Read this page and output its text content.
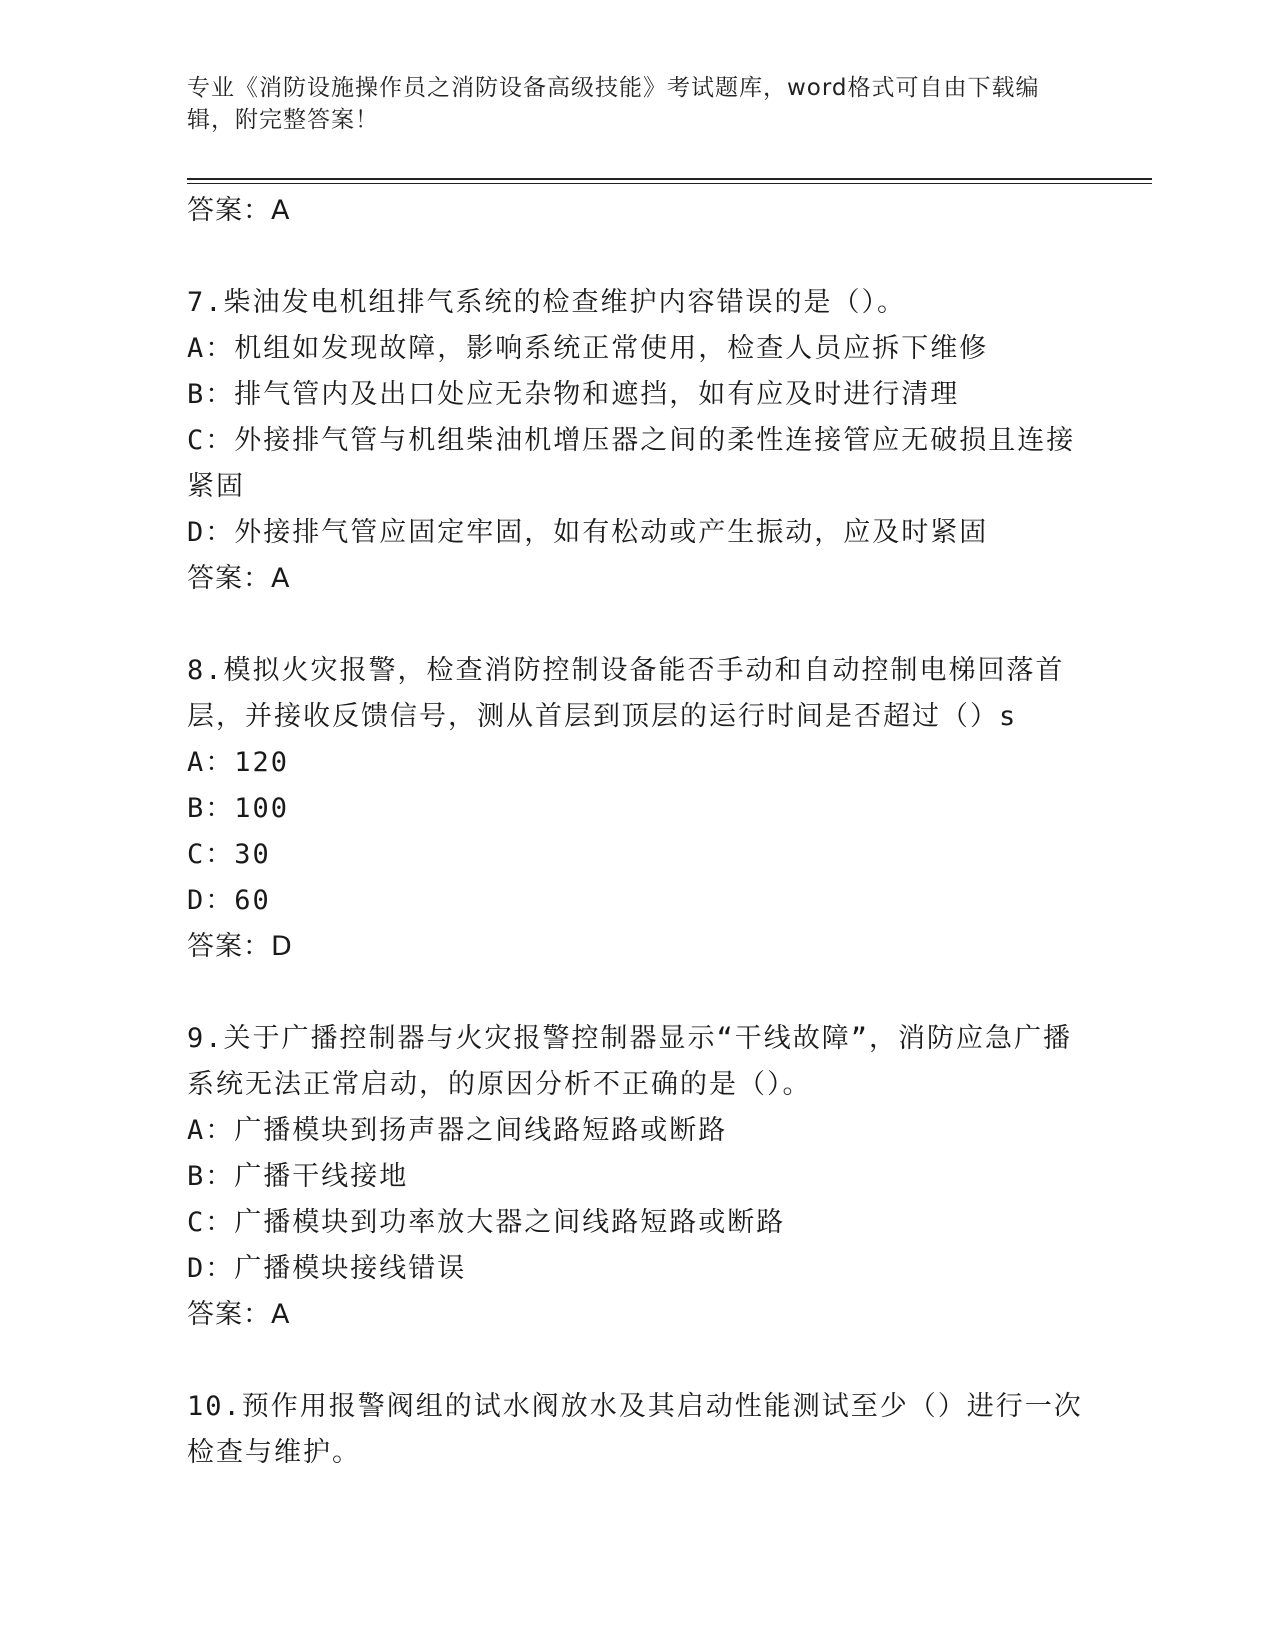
专业《消防设施操作员之消防设备高级技能》考试题库，word格式可自由下载编辑，附完整答案！
答案：A
7.柴油发电机组排气系统的检查维护内容错误的是（）。
A：机组如发现故障，影响系统正常使用，检查人员应拆下维修
B：排气管内及出口处应无杂物和遮挡，如有应及时进行清理
C：外接排气管与机组柴油机增压器之间的柔性连接管应无破损且连接紧固
D：外接排气管应固定牢固，如有松动或产生振动，应及时紧固
答案：A
8.模拟火灾报警，检查消防控制设备能否手动和自动控制电梯回落首层，并接收反馈信号，测从首层到顶层的运行时间是否超过（）s
A：120
B：100
C：30
D：60
答案：D
9.关于广播控制器与火灾报警控制器显示“干线故障”，消防应急广播系统无法正常启动，的原因分析不正确的是（）。
A：广播模块到扬声器之间线路短路或断路
B：广播干线接地
C：广播模块到功率放大器之间线路短路或断路
D：广播模块接线错误
答案：A
10.预作用报警阀组的试水阀放水及其启动性能测试至少（）进行一次检查与维护。
